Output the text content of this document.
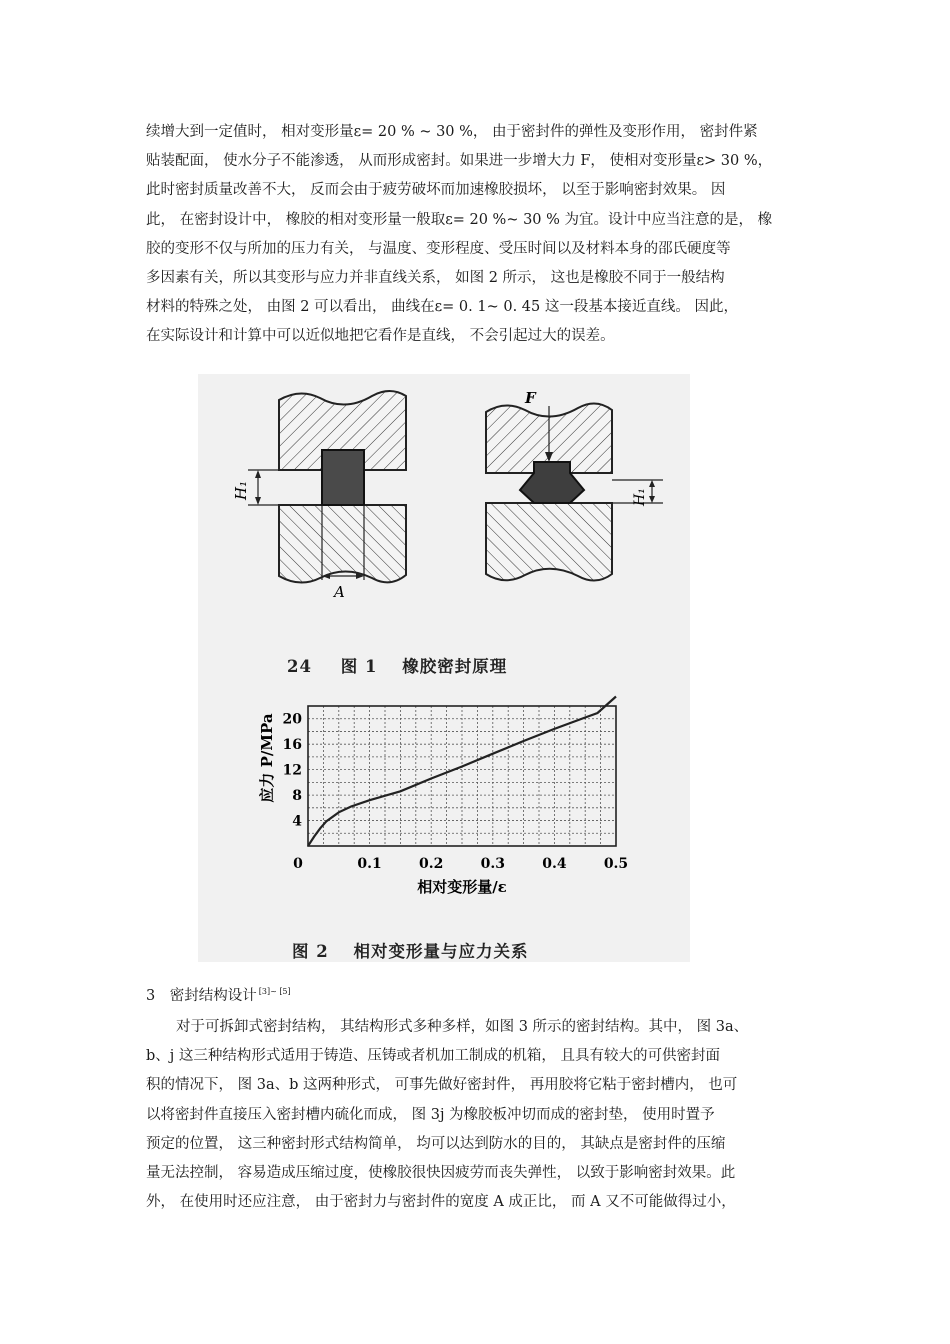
续增大到一定值时， 相对变形量ε= 20 % ~ 30 %， 由于密封件的弹性及变形作用， 密封件紧
贴装配面， 使水分子不能渗透， 从而形成密封。如果进一步增大力 F， 使相对变形量ε> 30 %，
此时密封质量改善不大， 反而会由于疲劳破坏而加速橡胶损坏， 以至于影响密封效果。 因
此， 在密封设计中， 橡胶的相对变形量一般取ε= 20 %~ 30 % 为宜。设计中应当注意的是， 橡
胶的变形不仅与所加的压力有关， 与温度、变形程度、受压时间以及材料本身的邵氏硬度等
多因素有关，所以其变形与应力并非直线关系， 如图 2 所示， 这也是橡胶不同于一般结构
材料的特殊之处， 由图 2 可以看出， 曲线在ε= 0. 1~ 0. 45 这一段基本接近直线。 因此，
在实际设计和计算中可以近似地把它看作是直线， 不会引起过大的误差。

H₁
A
F
H₁
24 图 1 橡胶密封原理
4
8
12
16
20
0	0.1	0.2	0.3	0.4	0.5
相对变形量/ε
应力 P/MPa
图 2 相对变形量与应力关系
3　密封结构设计 [3]~ [5]

对于可拆卸式密封结构， 其结构形式多种多样，如图 3 所示的密封结构。其中， 图 3a、
b、j 这三种结构形式适用于铸造、压铸或者机加工制成的机箱， 且具有较大的可供密封面
积的情况下， 图 3a、b 这两种形式， 可事先做好密封件， 再用胶将它粘于密封槽内， 也可
以将密封件直接压入密封槽内硫化而成， 图 3j 为橡胶板冲切而成的密封垫， 使用时置予
预定的位置， 这三种密封形式结构简单， 均可以达到防水的目的， 其缺点是密封件的压缩
量无法控制， 容易造成压缩过度，使橡胶很快因疲劳而丧失弹性， 以致于影响密封效果。此
外， 在使用时还应注意， 由于密封力与密封件的宽度 A 成正比， 而 A 又不可能做得过小，
